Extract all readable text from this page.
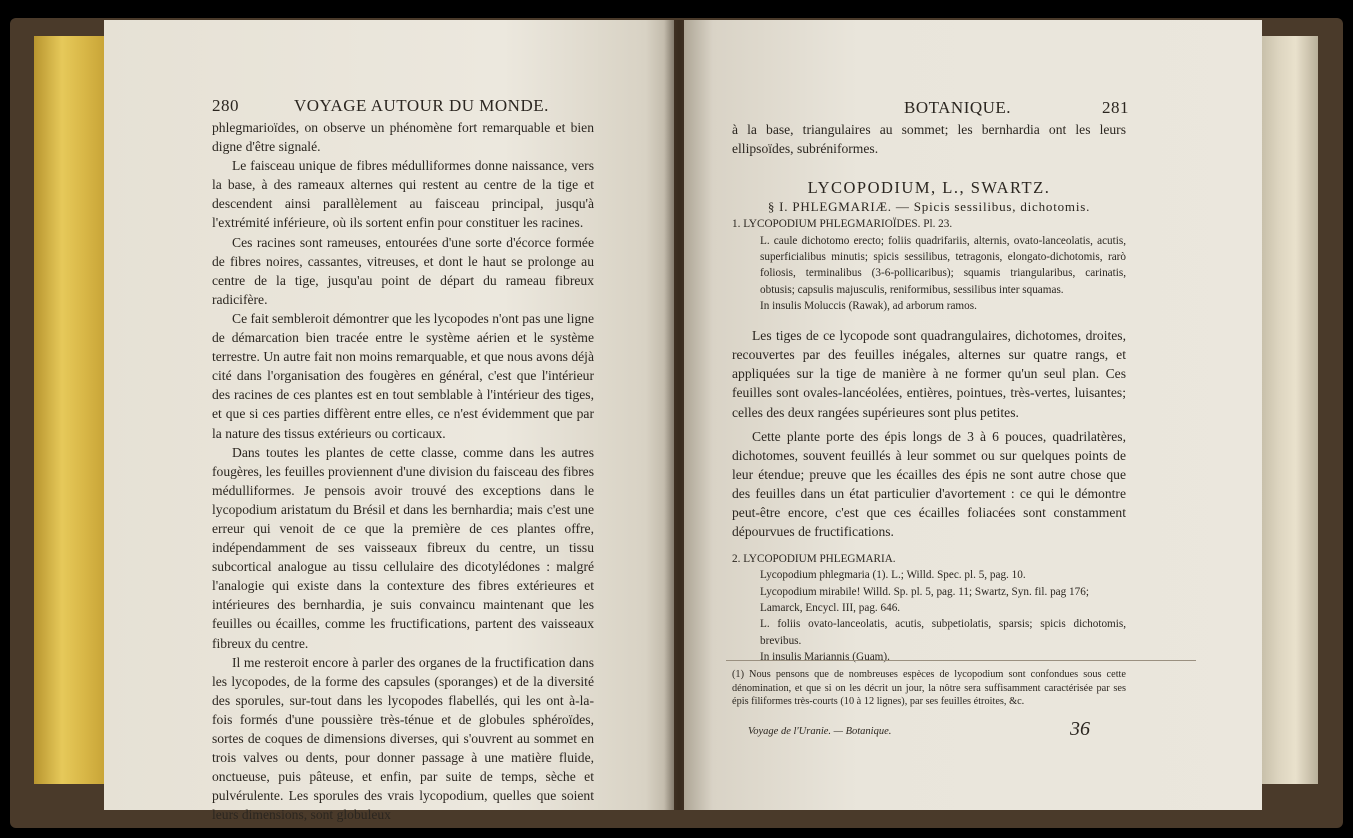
280	VOYAGE AUTOUR DU MONDE.

phlegmarioïdes, on observe un phénomène fort remarquable et bien digne d'être signalé.

Le faisceau unique de fibres médulliformes donne naissance, vers la base, à des rameaux alternes qui restent au centre de la tige et descendent ainsi parallèlement au faisceau principal, jusqu'à l'extrémité inférieure, où ils sortent enfin pour constituer les racines.

Ces racines sont rameuses, entourées d'une sorte d'écorce formée de fibres noires, cassantes, vitreuses, et dont le haut se prolonge au centre de la tige, jusqu'au point de départ du rameau fibreux radicifère.

Ce fait sembleroit démontrer que les lycopodes n'ont pas une ligne de démarcation bien tracée entre le système aérien et le système terrestre. Un autre fait non moins remarquable, et que nous avons déjà cité dans l'organisation des fougères en général, c'est que l'intérieur des racines de ces plantes est en tout semblable à l'intérieur des tiges, et que si ces parties diffèrent entre elles, ce n'est évidemment que par la nature des tissus extérieurs ou corticaux.

Dans toutes les plantes de cette classe, comme dans les autres fougères, les feuilles proviennent d'une division du faisceau des fibres médulliformes. Je pensois avoir trouvé des exceptions dans le lycopodium aristatum du Brésil et dans les bernhardia; mais c'est une erreur qui venoit de ce que la première de ces plantes offre, indépendamment de ses vaisseaux fibreux du centre, un tissu subcortical analogue au tissu cellulaire des dicotylédones : malgré l'analogie qui existe dans la contexture des fibres extérieures et intérieures des bernhardia, je suis convaincu maintenant que les feuilles ou écailles, comme les fructifications, partent des vaisseaux fibreux du centre.

Il me resteroit encore à parler des organes de la fructification dans les lycopodes, de la forme des capsules (sporanges) et de la diversité des sporules, sur-tout dans les lycopodes flabellés, qui les ont à-la-fois formés d'une poussière très-ténue et de globules sphéroïdes, sortes de coques de dimensions diverses, qui s'ouvrent au sommet en trois valves ou dents, pour donner passage à une matière fluide, onctueuse, puis pâteuse, et enfin, par suite de temps, sèche et pulvérulente. Les sporules des vrais lycopodium, quelles que soient leurs dimensions, sont globuleux

BOTANIQUE.	281

à la base, triangulaires au sommet; les bernhardia ont les leurs ellipsoïdes, subréniformes.

LYCOPODIUM, L., SWARTZ.

§ I. PHLEGMARIÆ. — Spicis sessilibus, dichotomis.

1. LYCOPODIUM PHLEGMARIOÏDES. Pl. 23.

L. caule dichotomo erecto; foliis quadrifariis, alternis, ovato-lanceolatis, acutis, superficialibus minutis; spicis sessilibus, tetragonis, elongato-dichotomis, rarò foliosis, terminalibus (3-6-pollicaribus); squamis triangularibus, carinatis, obtusis; capsulis majusculis, reniformibus, sessilibus inter squamas.

In insulis Moluccis (Rawak), ad arborum ramos.

Les tiges de ce lycopode sont quadrangulaires, dichotomes, droites, recouvertes par des feuilles inégales, alternes sur quatre rangs, et appliquées sur la tige de manière à ne former qu'un seul plan. Ces feuilles sont ovales-lancéolées, entières, pointues, très-vertes, luisantes; celles des deux rangées supérieures sont plus petites.

Cette plante porte des épis longs de 3 à 6 pouces, quadrilatères, dichotomes, souvent feuillés à leur sommet ou sur quelques points de leur étendue; preuve que les écailles des épis ne sont autre chose que des feuilles dans un état particulier d'avortement : ce qui le démontre peut-être encore, c'est que ces écailles foliacées sont constamment dépourvues de fructifications.

2. LYCOPODIUM PHLEGMARIA.

Lycopodium phlegmaria (1). L.; Willd. Spec. pl. 5, pag. 10.

Lycopodium mirabile! Willd. Sp. pl. 5, pag. 11; Swartz, Syn. fil. pag 176;

Lamarck, Encycl. III, pag. 646.

L. foliis ovato-lanceolatis, acutis, subpetiolatis, sparsis; spicis dichotomis, brevibus.

In insulis Mariannis (Guam).

(1) Nous pensons que de nombreuses espèces de lycopodium sont confondues sous cette dénomination, et que si on les décrit un jour, la nôtre sera suffisamment caractérisée par ses épis filiformes très-courts (10 à 12 lignes), par ses feuilles étroites, &c.
Voyage de l'Uranie. — Botanique.	36
